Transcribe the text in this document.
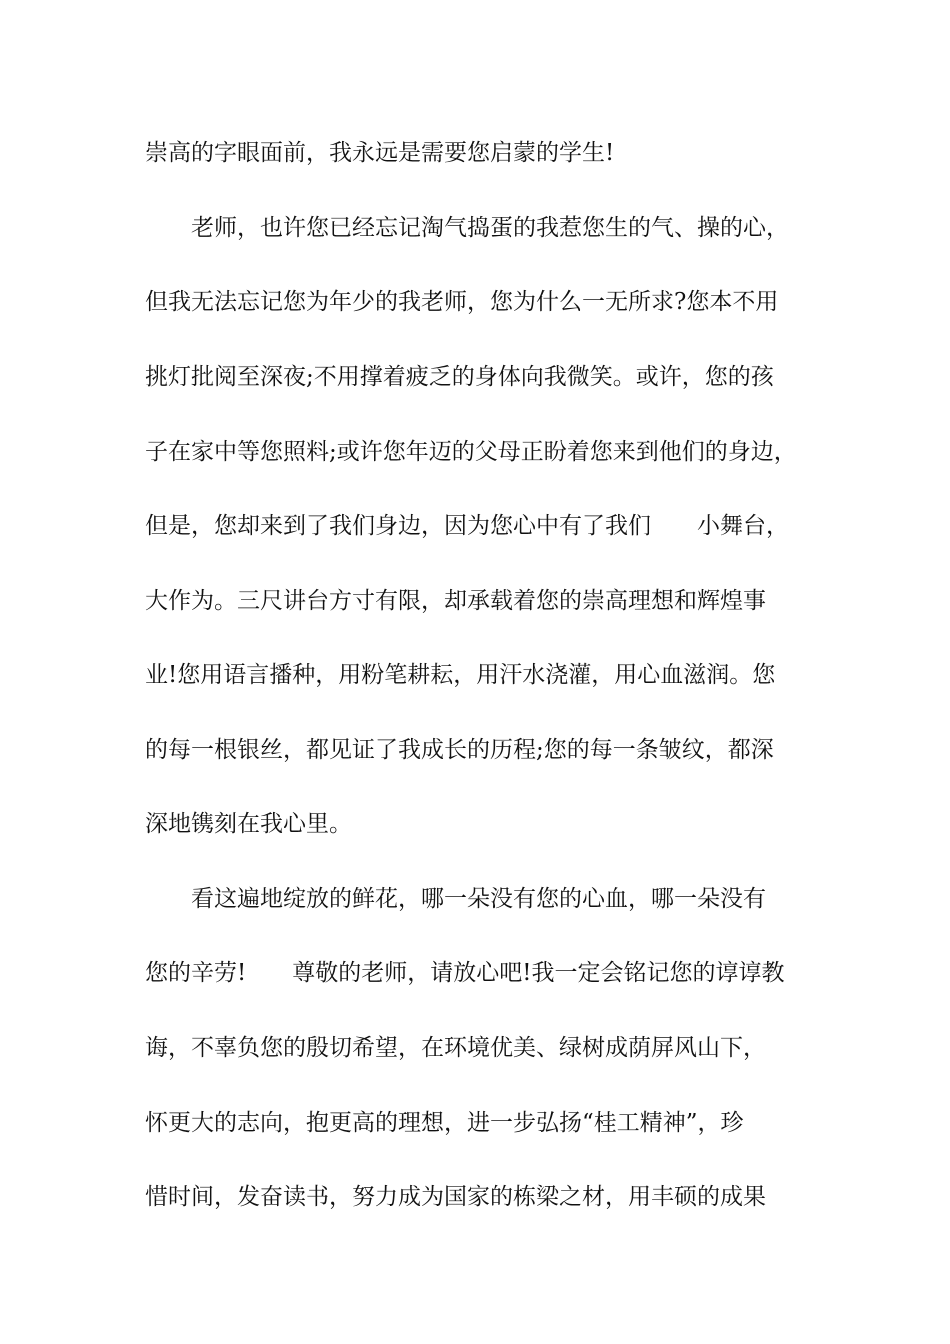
崇高的字眼面前，我永远是需要您启蒙的学生!
　　老师，也许您已经忘记淘气捣蛋的我惹您生的气、操的心，
但我无法忘记您为年少的我老师，您为什么一无所求?您本不用
挑灯批阅至深夜;不用撑着疲乏的身体向我微笑。或许，您的孩
子在家中等您照料;或许您年迈的父母正盼着您来到他们的身边，
但是，您却来到了我们身边，因为您心中有了我们　　小舞台，
大作为。三尺讲台方寸有限，却承载着您的崇高理想和辉煌事
业!您用语言播种，用粉笔耕耘，用汗水浇灌，用心血滋润。您
的每一根银丝，都见证了我成长的历程;您的每一条皱纹，都深
深地镌刻在我心里。
　　看这遍地绽放的鲜花，哪一朵没有您的心血，哪一朵没有
您的辛劳!　　尊敬的老师，请放心吧!我一定会铭记您的谆谆教
诲，不辜负您的殷切希望，在环境优美、绿树成荫屏风山下，
怀更大的志向，抱更高的理想，进一步弘扬“桂工精神”，珍
惜时间，发奋读书，努力成为国家的栋梁之材，用丰硕的成果
